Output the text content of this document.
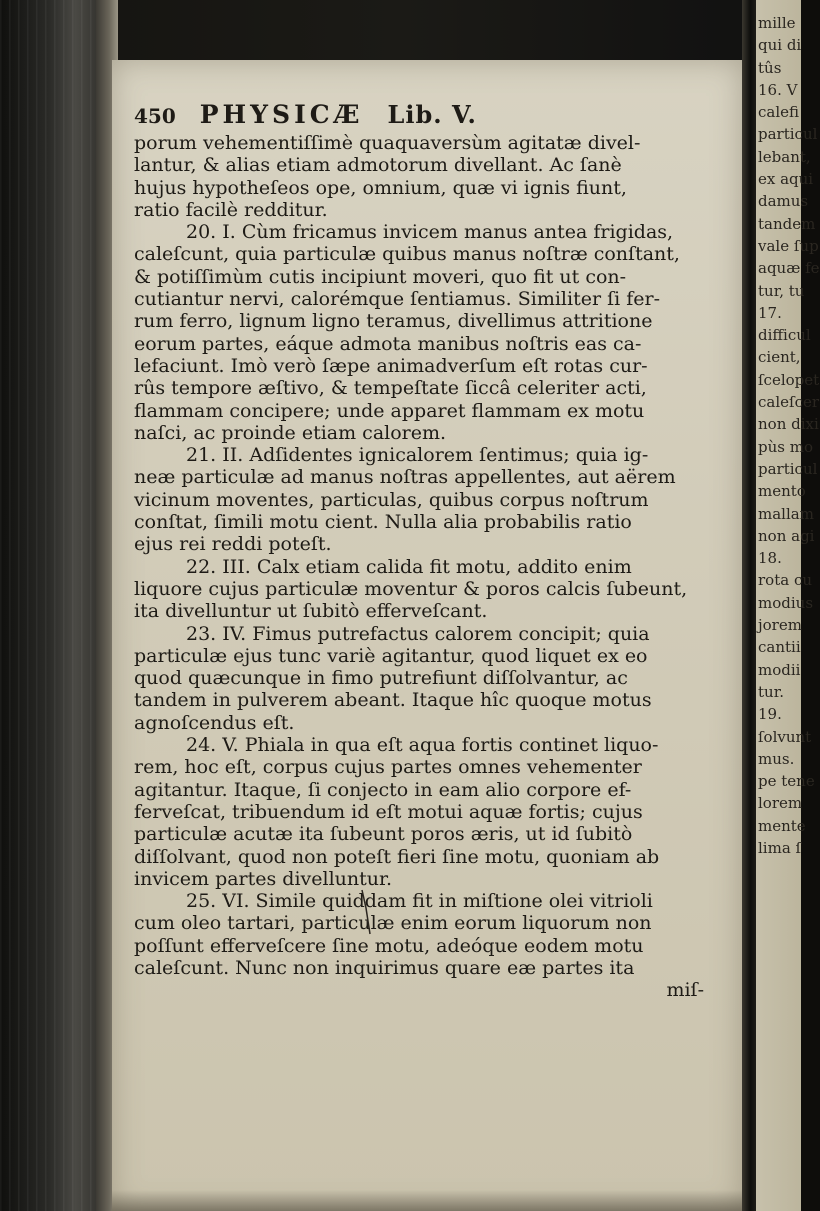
450 PHYSICÆ Lib. V.
porum vehementiſſimè quaquaversùm agitatæ divel-
lantur, & alias etiam admotorum divellant. Ac ſanè
hujus hypotheſeos ope, omnium, quæ vi ignis fiunt,
ratio facilè redditur.
20. I. Cùm fricamus invicem manus antea frigidas,
caleſcunt, quia particulæ quibus manus noſtræ conſtant,
& potiſſimùm cutis incipiunt moveri, quo fit ut con-
cutiantur nervi, calorémque ſentiamus. Similiter ſi fer-
rum ferro, lignum ligno teramus, divellimus attritione
eorum partes, eáque admota manibus noſtris eas ca-
lefaciunt. Imò verò ſæpe animadverſum eſt rotas cur-
rûs tempore æſtivo, & tempeſtate ſiccâ celeriter acti,
flammam concipere; unde apparet flammam ex motu
naſci, ac proinde etiam calorem.
21. II. Adſidentes ignicalorem ſentimus; quia ig-
neæ particulæ ad manus noſtras appellentes, aut aërem
vicinum moventes, particulas, quibus corpus noſtrum
conſtat, ſimili motu cient. Nulla alia probabilis ratio
ejus rei reddi poteſt.
22. III. Calx etiam calida fit motu, addito enim
liquore cujus particulæ moventur & poros calcis ſubeunt,
ita divelluntur ut ſubitò efferveſcant.
23. IV. Fimus putrefactus calorem concipit; quia
particulæ ejus tunc variè agitantur, quod liquet ex eo
quod quæcunque in fimo putrefiunt diſſolvantur, ac
tandem in pulverem abeant. Itaque hîc quoque motus
agnoſcendus eſt.
24. V. Phiala in qua eſt aqua fortis continet liquo-
rem, hoc eſt, corpus cujus partes omnes vehementer
agitantur. Itaque, ſi conjecto in eam alio corpore ef-
ferveſcat, tribuendum id eſt motui aquæ fortis; cujus
particulæ acutæ ita ſubeunt poros æris, ut id ſubitò
diſſolvant, quod non poteſt fieri ſine motu, quoniam ab
invicem partes divelluntur.
25. VI. Simile quiddam fit in miſtione olei vitrioli
cum oleo tartari, particulæ enim eorum liquorum non
poſſunt efferveſcere ſine motu, adeóque eodem motu
caleſcunt. Nunc non inquirimus quare eæ partes ita
miſ-
mille
qui di
tûs
16. V
calefi
particul
lebant,
ex aqui
damus
tandem
vale ſup
aquæ fe
tur, tu
17.
difficul
cient,
ſcelopet
caleſcer
non dixi
pùs mo
particul
mento
mallam
non agi
18.
rota cu
modius
jorem
cantii
modii
tur.
19.
ſolvunt
mus.
pe tene
lorem
mente
lima ſ
